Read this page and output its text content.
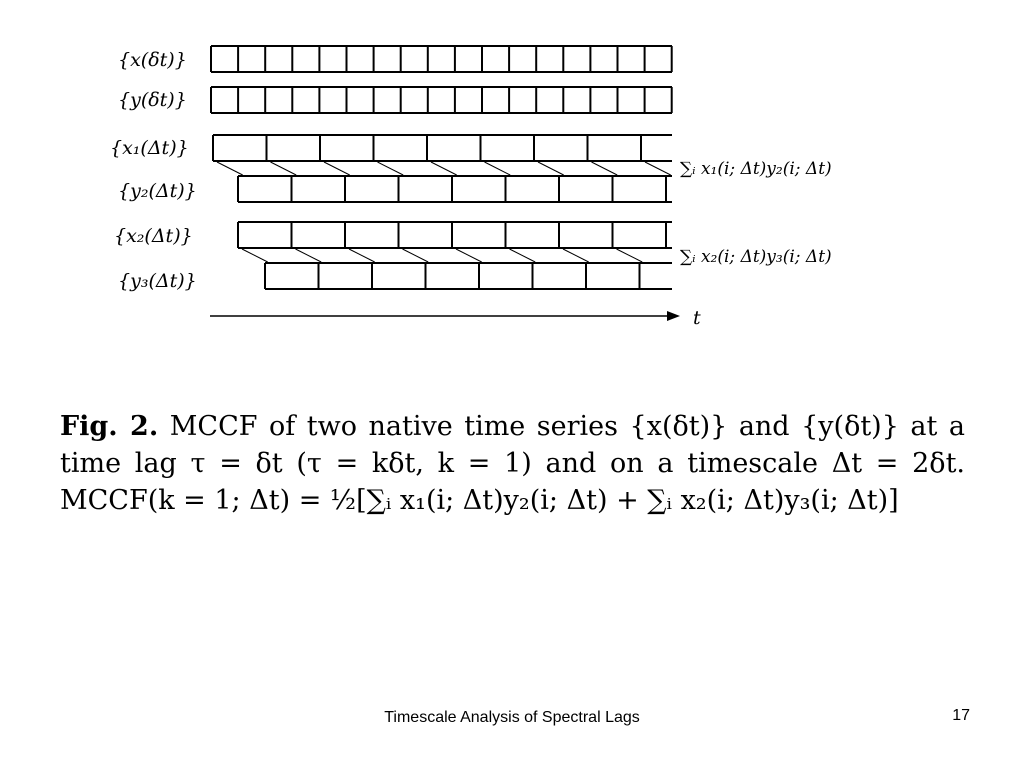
{x(δt)}
{y(δt)}
{x₁(Δt)}
{y₂(Δt)}
{x₂(Δt)}
{y₃(Δt)}
∑ᵢ x₁(i; Δt)y₂(i; Δt)
∑ᵢ x₂(i; Δt)y₃(i; Δt)
t
Fig. 2. MCCF of two native time series {x(δt)} and {y(δt)} at a time lag τ = δt (τ = kδt, k = 1) and on a timescale Δt = 2δt. MCCF(k = 1; Δt) = ½[∑ᵢ x₁(i; Δt)y₂(i; Δt) + ∑ᵢ x₂(i; Δt)y₃(i; Δt)]
Timescale Analysis of Spectral Lags	17
